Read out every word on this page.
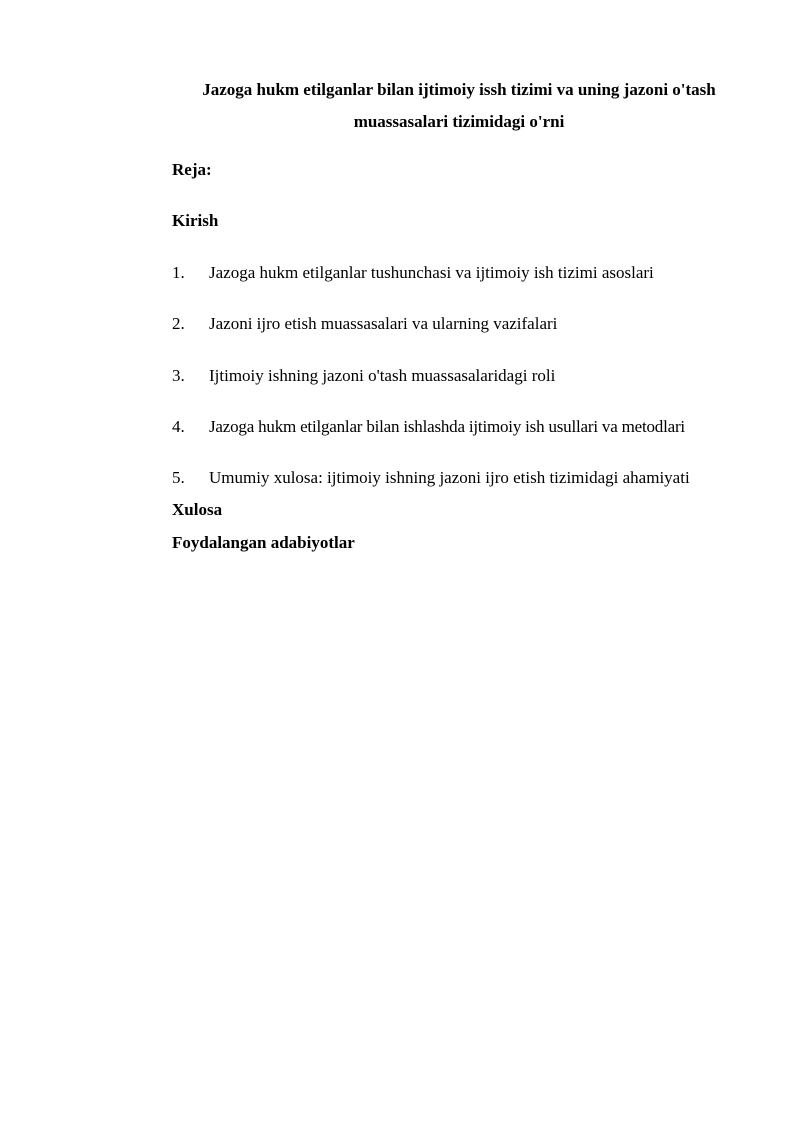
Jazoga hukm etilganlar bilan ijtimoiy issh tizimi va uning jazoni o'tash
muassasalari tizimidagi o'rni
Reja:
Kirish
1. Jazoga hukm etilganlar tushunchasi va ijtimoiy ish tizimi asoslari
2. Jazoni ijro etish muassasalari va ularning vazifalari
3. Ijtimoiy ishning jazoni o'tash muassasalaridagi roli
4. Jazoga hukm etilganlar bilan ishlashda ijtimoiy ish usullari va metodlari
5. Umumiy xulosa: ijtimoiy ishning jazoni ijro etish tizimidagi ahamiyati
Xulosa
Foydalangan adabiyotlar
